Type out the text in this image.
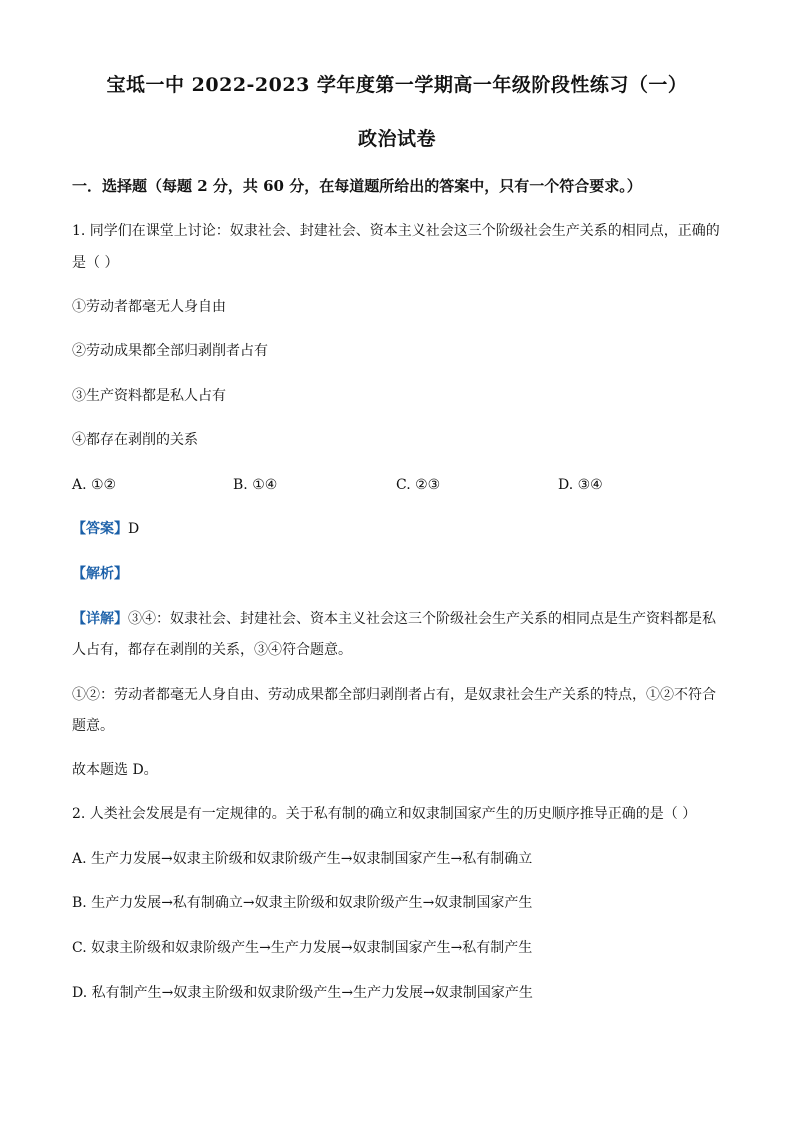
宝坻一中 2022-2023 学年度第一学期高一年级阶段性练习（一）
政治试卷
一．选择题（每题 2 分，共 60 分，在每道题所给出的答案中，只有一个符合要求。）
1. 同学们在课堂上讨论：奴隶社会、封建社会、资本主义社会这三个阶级社会生产关系的相同点，正确的
是（ ）
①劳动者都毫无人身自由
②劳动成果都全部归剥削者占有
③生产资料都是私人占有
④都存在剥削的关系
A. ①②	B. ①④	C. ②③	D. ③④
【答案】D
【解析】
【详解】③④：奴隶社会、封建社会、资本主义社会这三个阶级社会生产关系的相同点是生产资料都是私
人占有，都存在剥削的关系，③④符合题意。
①②：劳动者都毫无人身自由、劳动成果都全部归剥削者占有，是奴隶社会生产关系的特点，①②不符合
题意。
故本题选 D。
2. 人类社会发展是有一定规律的。关于私有制的确立和奴隶制国家产生的历史顺序推导正确的是（ ）
A. 生产力发展→奴隶主阶级和奴隶阶级产生→奴隶制国家产生→私有制确立
B. 生产力发展→私有制确立→奴隶主阶级和奴隶阶级产生→奴隶制国家产生
C. 奴隶主阶级和奴隶阶级产生→生产力发展→奴隶制国家产生→私有制产生
D. 私有制产生→奴隶主阶级和奴隶阶级产生→生产力发展→奴隶制国家产生
